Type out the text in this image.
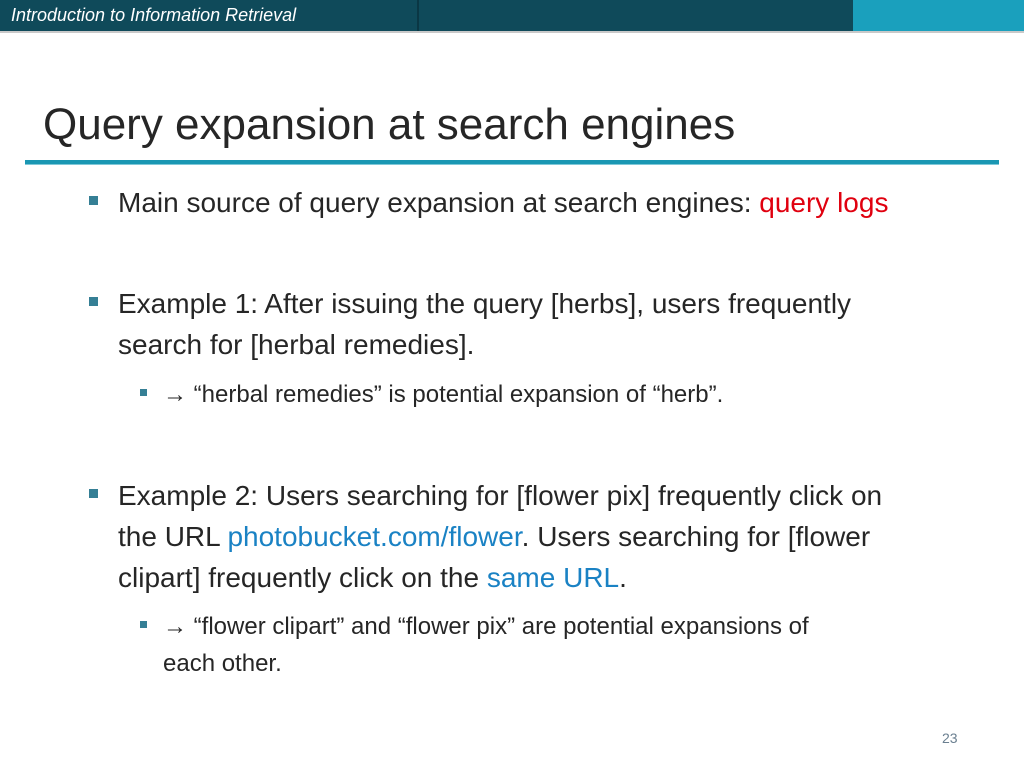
Introduction to Information Retrieval
Query expansion at search engines
Main source of query expansion at search engines: query logs
Example 1: After issuing the query [herbs], users frequently
search for [herbal remedies].
→ “herbal remedies” is potential expansion of “herb”.
Example 2: Users searching for [flower pix] frequently click on
the URL photobucket.com/flower. Users searching for [flower
clipart] frequently click on the same URL.
→ “flower clipart” and “flower pix” are potential expansions of
each other.
23
